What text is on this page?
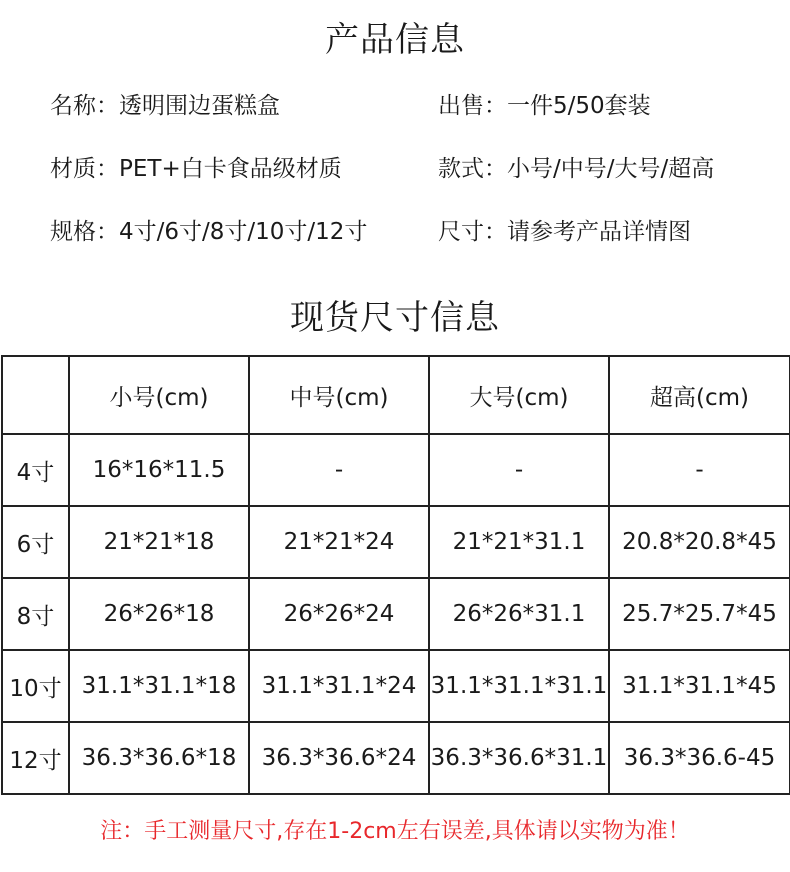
产品信息
名称：透明围边蛋糕盒	出售：一件5/50套装
材质：PET+白卡食品级材质	款式：小号/中号/大号/超高
规格：4寸/6寸/8寸/10寸/12寸	尺寸：请参考产品详情图
现货尺寸信息
	小号(cm)	中号(cm)	大号(cm)	超高(cm)
4寸	16*16*11.5	-	-	-
6寸	21*21*18	21*21*24	21*21*31.1	20.8*20.8*45
8寸	26*26*18	26*26*24	26*26*31.1	25.7*25.7*45
10寸	31.1*31.1*18	31.1*31.1*24	31.1*31.1*31.1	31.1*31.1*45
12寸	36.3*36.6*18	36.3*36.6*24	36.3*36.6*31.1	36.3*36.6-45
注：手工测量尺寸,存在1-2cm左右误差,具体请以实物为准！
